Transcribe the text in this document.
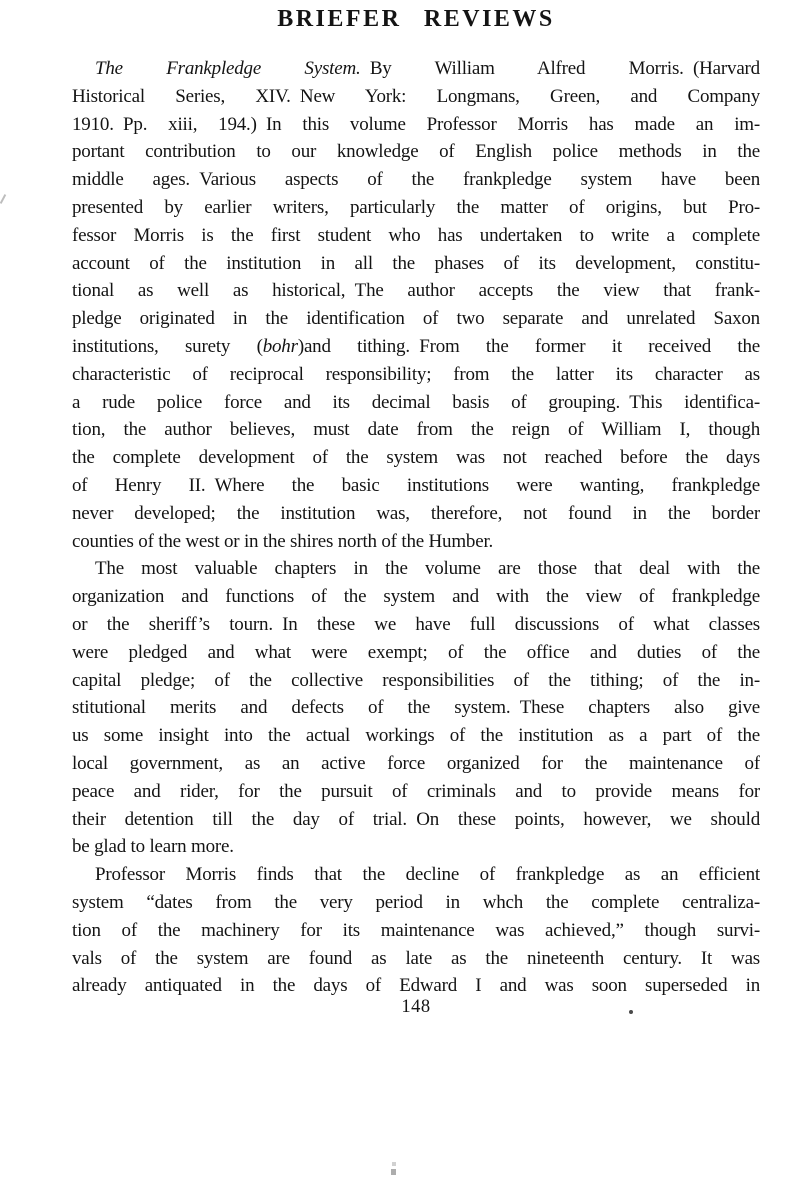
BRIEFER REVIEWS
The Frankpledge System. By William Alfred Morris. (Harvard
Historical Series, XIV. New York: Longmans, Green, and Company
1910. Pp. xiii, 194.) In this volume Professor Morris has made an im-
portant contribution to our knowledge of English police methods in the
middle ages. Various aspects of the frankpledge system have been
presented by earlier writers, particularly the matter of origins, but Pro-
fessor Morris is the first student who has undertaken to write a complete
account of the institution in all the phases of its development, constitu-
tional as well as historical, The author accepts the view that frank-
pledge originated in the identification of two separate and unrelated Saxon
institutions, surety (bohr)and tithing. From the former it received the
characteristic of reciprocal responsibility; from the latter its character as
a rude police force and its decimal basis of grouping. This identifica-
tion, the author believes, must date from the reign of William I, though
the complete development of the system was not reached before the days
of Henry II. Where the basic institutions were wanting, frankpledge
never developed; the institution was, therefore, not found in the border
counties of the west or in the shires north of the Humber.
The most valuable chapters in the volume are those that deal with the
organization and functions of the system and with the view of frankpledge
or the sheriff’s tourn. In these we have full discussions of what classes
were pledged and what were exempt; of the office and duties of the
capital pledge; of the collective responsibilities of the tithing; of the in-
stitutional merits and defects of the system. These chapters also give
us some insight into the actual workings of the institution as a part of the
local government, as an active force organized for the maintenance of
peace and rider, for the pursuit of criminals and to provide means for
their detention till the day of trial. On these points, however, we should
be glad to learn more.
Professor Morris finds that the decline of frankpledge as an efficient
system “dates from the very period in whch the complete centraliza-
tion of the machinery for its maintenance was achieved,” though survi-
vals of the system are found as late as the nineteenth century. It was
already antiquated in the days of Edward I and was soon superseded in
148
